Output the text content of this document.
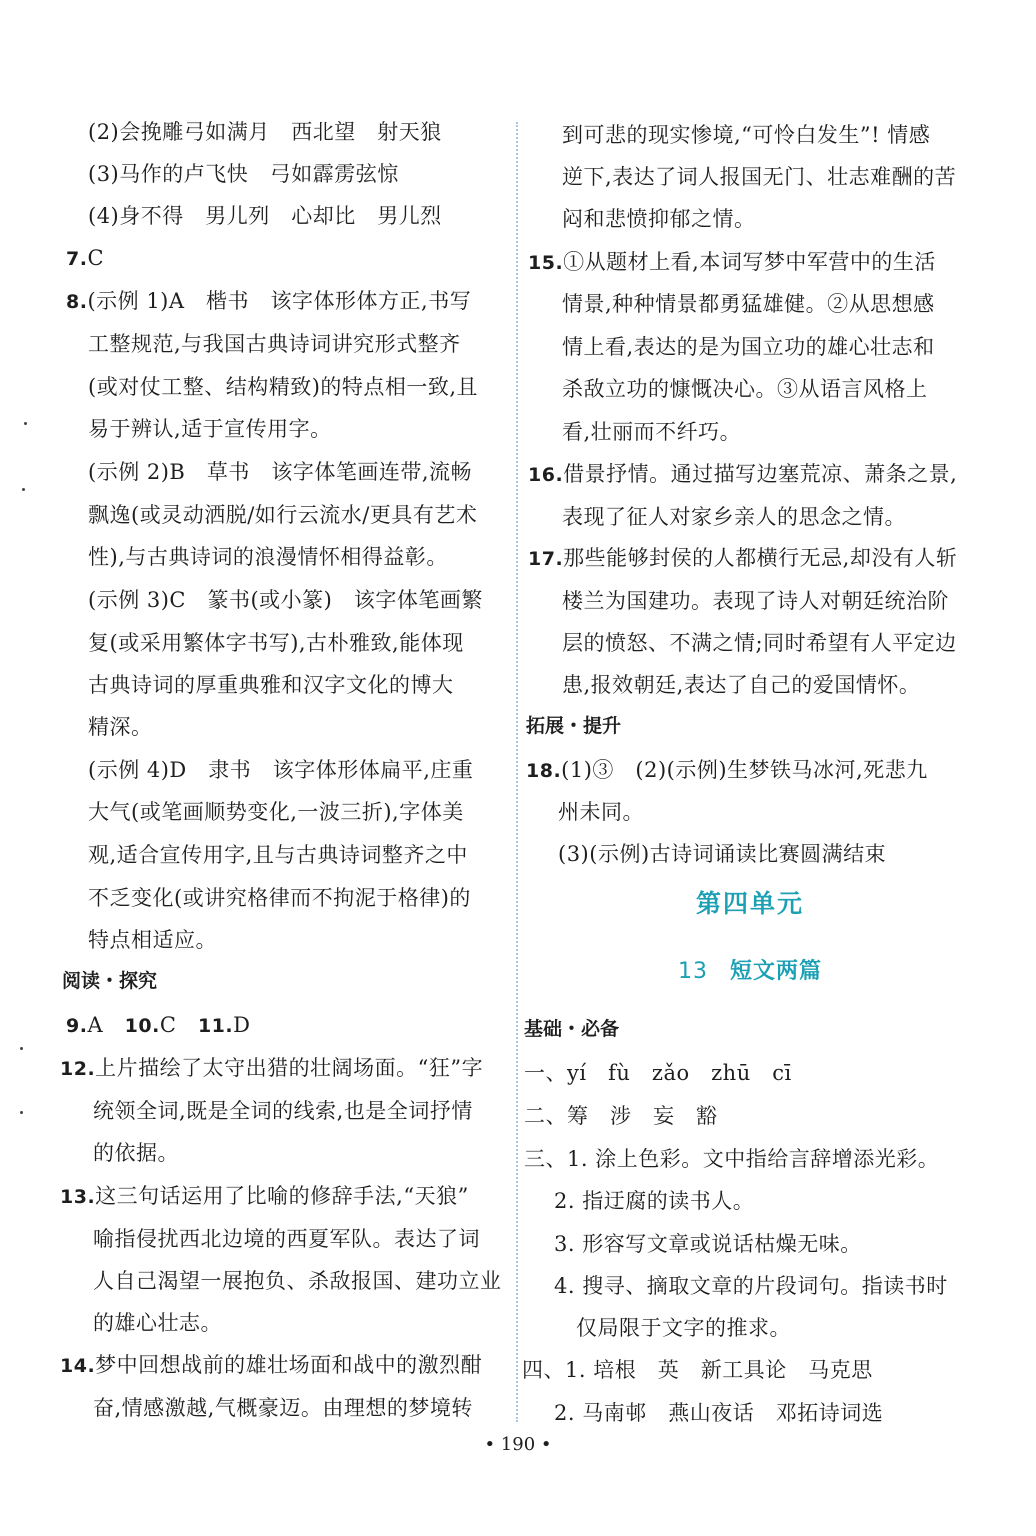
(2)会挽雕弓如满月　西北望　射天狼
(3)马作的卢飞快　弓如霹雳弦惊
(4)身不得　男儿列　心却比　男儿烈
7.C
8.(示例 1)A　楷书　该字体形体方正,书写
工整规范,与我国古典诗词讲究形式整齐
(或对仗工整、结构精致)的特点相一致,且
易于辨认,适于宣传用字。
(示例 2)B　草书　该字体笔画连带,流畅
飘逸(或灵动洒脱/如行云流水/更具有艺术
性),与古典诗词的浪漫情怀相得益彰。
(示例 3)C　篆书(或小篆)　该字体笔画繁
复(或采用繁体字书写),古朴雅致,能体现
古典诗词的厚重典雅和汉字文化的博大
精深。
(示例 4)D　隶书　该字体形体扁平,庄重
大气(或笔画顺势变化,一波三折),字体美
观,适合宣传用字,且与古典诗词整齐之中
不乏变化(或讲究格律而不拘泥于格律)的
特点相适应。
阅读・探究
9.A 10.C 11.D
12.上片描绘了太守出猎的壮阔场面。“狂”字
统领全词,既是全词的线索,也是全词抒情
的依据。
13.这三句话运用了比喻的修辞手法,“天狼”
喻指侵扰西北边境的西夏军队。表达了词
人自己渴望一展抱负、杀敌报国、建功立业
的雄心壮志。
14.梦中回想战前的雄壮场面和战中的激烈酣
奋,情感激越,气概豪迈。由理想的梦境转
到可悲的现实惨境,“可怜白发生”! 情感
逆下,表达了词人报国无门、壮志难酬的苦
闷和悲愤抑郁之情。
15.①从题材上看,本词写梦中军营中的生活
情景,种种情景都勇猛雄健。②从思想感
情上看,表达的是为国立功的雄心壮志和
杀敌立功的慷慨决心。③从语言风格上
看,壮丽而不纤巧。
16.借景抒情。通过描写边塞荒凉、萧条之景,
表现了征人对家乡亲人的思念之情。
17.那些能够封侯的人都横行无忌,却没有人斩
楼兰为国建功。表现了诗人对朝廷统治阶
层的愤怒、不满之情;同时希望有人平定边
患,报效朝廷,表达了自己的爱国情怀。
拓展・提升
18.(1)③　(2)(示例)生梦铁马冰河,死悲九
州未同。
(3)(示例)古诗词诵读比赛圆满结束
第四单元
13 短文两篇
基础・必备
一、yí　fù　zǎo　zhū　cī
二、筹　涉　妄　豁
三、1. 涂上色彩。文中指给言辞增添光彩。
2. 指迂腐的读书人。
3. 形容写文章或说话枯燥无味。
4. 搜寻、摘取文章的片段词句。指读书时
仅局限于文字的推求。
四、1. 培根　英　新工具论　马克思
2. 马南邨　燕山夜话　邓拓诗词选
• 190 •
